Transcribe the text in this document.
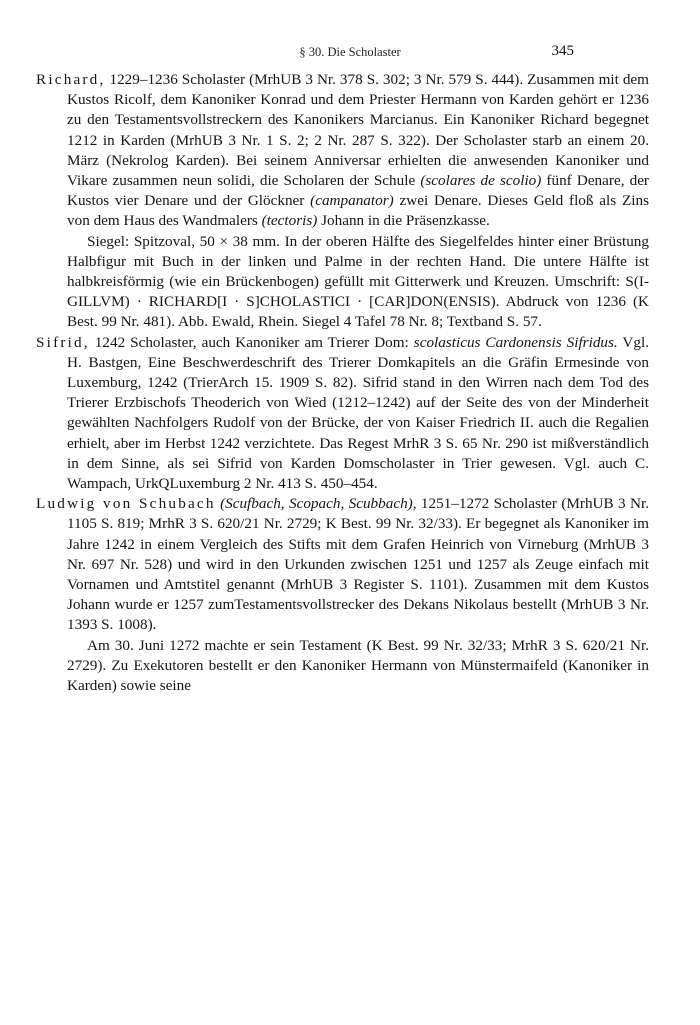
§ 30. Die Scholaster	345

Richard, 1229–1236 Scholaster (MrhUB 3 Nr. 378 S. 302; 3 Nr. 579 S. 444). Zusammen mit dem Kustos Ricolf, dem Kanoniker Konrad und dem Priester Hermann von Karden gehört er 1236 zu den Testamentsvollstreckern des Kanonikers Marcianus. Ein Kanoniker Richard begegnet 1212 in Karden (MrhUB 3 Nr. 1 S. 2; 2 Nr. 287 S. 322). Der Scholaster starb an einem 20. März (Nekrolog Karden). Bei seinem Anniversar erhielten die anwesenden Kanoniker und Vikare zusammen neun solidi, die Scholaren der Schule (scolares de scolio) fünf Denare, der Kustos vier Denare und der Glöckner (campanator) zwei Denare. Dieses Geld floß als Zins von dem Haus des Wandmalers (tectoris) Johann in die Präsenzkasse.

Siegel: Spitzoval, 50 × 38 mm. In der oberen Hälfte des Siegelfeldes hinter einer Brüstung Halbfigur mit Buch in der linken und Palme in der rechten Hand. Die untere Hälfte ist halbkreisförmig (wie ein Brückenbogen) gefüllt mit Gitterwerk und Kreuzen. Umschrift: S(I-GILLVM) · RICHARD[I · S]CHOLASTICI · [CAR]DON(ENSIS). Abdruck von 1236 (K Best. 99 Nr. 481). Abb. Ewald, Rhein. Siegel 4 Tafel 78 Nr. 8; Textband S. 57.

Sifrid, 1242 Scholaster, auch Kanoniker am Trierer Dom: scolasticus Cardonensis Sifridus. Vgl. H. Bastgen, Eine Beschwerdeschrift des Trierer Domkapitels an die Gräfin Ermesinde von Luxemburg, 1242 (TrierArch 15. 1909 S. 82). Sifrid stand in den Wirren nach dem Tod des Trierer Erzbischofs Theoderich von Wied (1212–1242) auf der Seite des von der Minderheit gewählten Nachfolgers Rudolf von der Brücke, der von Kaiser Friedrich II. auch die Regalien erhielt, aber im Herbst 1242 verzichtete. Das Regest MrhR 3 S. 65 Nr. 290 ist mißverständlich in dem Sinne, als sei Sifrid von Karden Domscholaster in Trier gewesen. Vgl. auch C. Wampach, UrkQLuxemburg 2 Nr. 413 S. 450–454.

Ludwig von Schubach (Scufbach, Scopach, Scubbach), 1251–1272 Scholaster (MrhUB 3 Nr. 1105 S. 819; MrhR 3 S. 620/21 Nr. 2729; K Best. 99 Nr. 32/33). Er begegnet als Kanoniker im Jahre 1242 in einem Vergleich des Stifts mit dem Grafen Heinrich von Virneburg (MrhUB 3 Nr. 697 Nr. 528) und wird in den Urkunden zwischen 1251 und 1257 als Zeuge einfach mit Vornamen und Amtstitel genannt (MrhUB 3 Register S. 1101). Zusammen mit dem Kustos Johann wurde er 1257 zumTestamentsvollstrecker des Dekans Nikolaus bestellt (MrhUB 3 Nr. 1393 S. 1008).

Am 30. Juni 1272 machte er sein Testament (K Best. 99 Nr. 32/33; MrhR 3 S. 620/21 Nr. 2729). Zu Exekutoren bestellt er den Kanoniker Hermann von Münstermaifeld (Kanoniker in Karden) sowie seine
